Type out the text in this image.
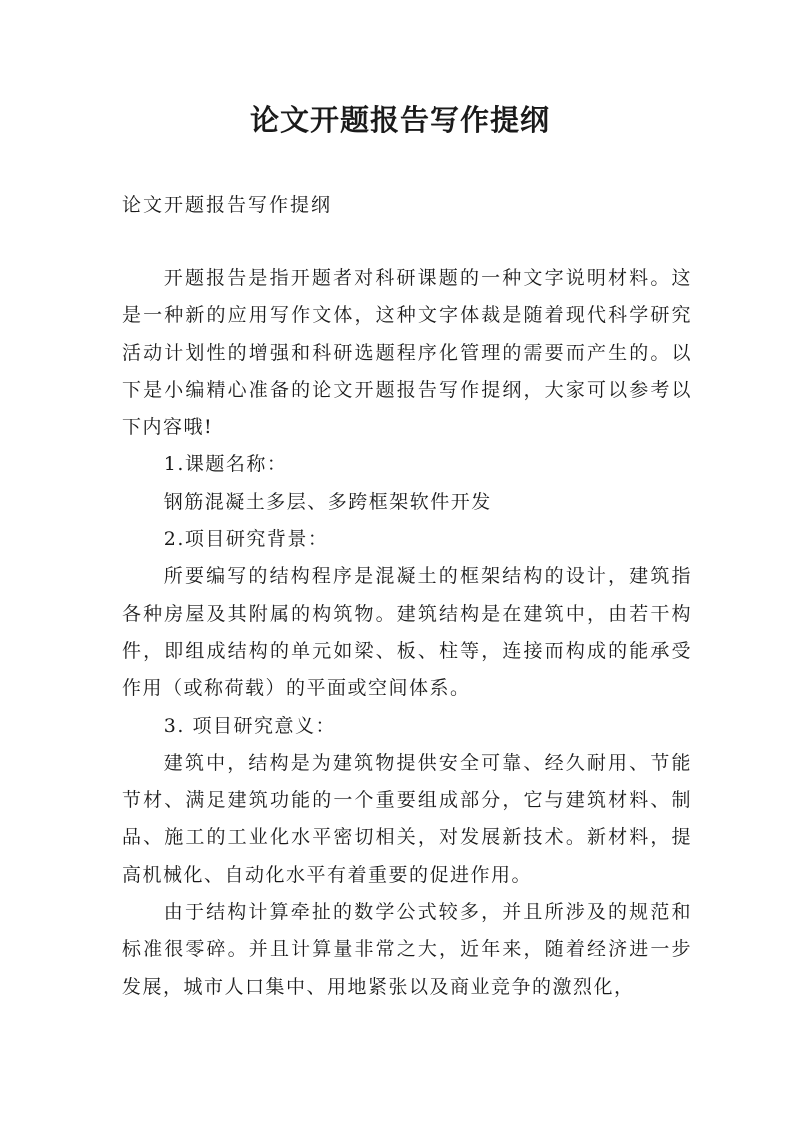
论文开题报告写作提纲
论文开题报告写作提纲

开题报告是指开题者对科研课题的一种文字说明材料。这是一种新的应用写作文体，这种文字体裁是随着现代科学研究活动计划性的增强和科研选题程序化管理的需要而产生的。以下是小编精心准备的论文开题报告写作提纲，大家可以参考以下内容哦!

1.课题名称：

钢筋混凝土多层、多跨框架软件开发

2.项目研究背景：

所要编写的结构程序是混凝土的框架结构的设计，建筑指各种房屋及其附属的构筑物。建筑结构是在建筑中，由若干构件，即组成结构的单元如梁、板、柱等，连接而构成的能承受作用（或称荷载）的平面或空间体系。

3. 项目研究意义：

建筑中，结构是为建筑物提供安全可靠、经久耐用、节能节材、满足建筑功能的一个重要组成部分，它与建筑材料、制品、施工的工业化水平密切相关，对发展新技术。新材料，提高机械化、自动化水平有着重要的促进作用。

由于结构计算牵扯的数学公式较多，并且所涉及的规范和标准很零碎。并且计算量非常之大，近年来，随着经济进一步发展，城市人口集中、用地紧张以及商业竞争的激烈化，
